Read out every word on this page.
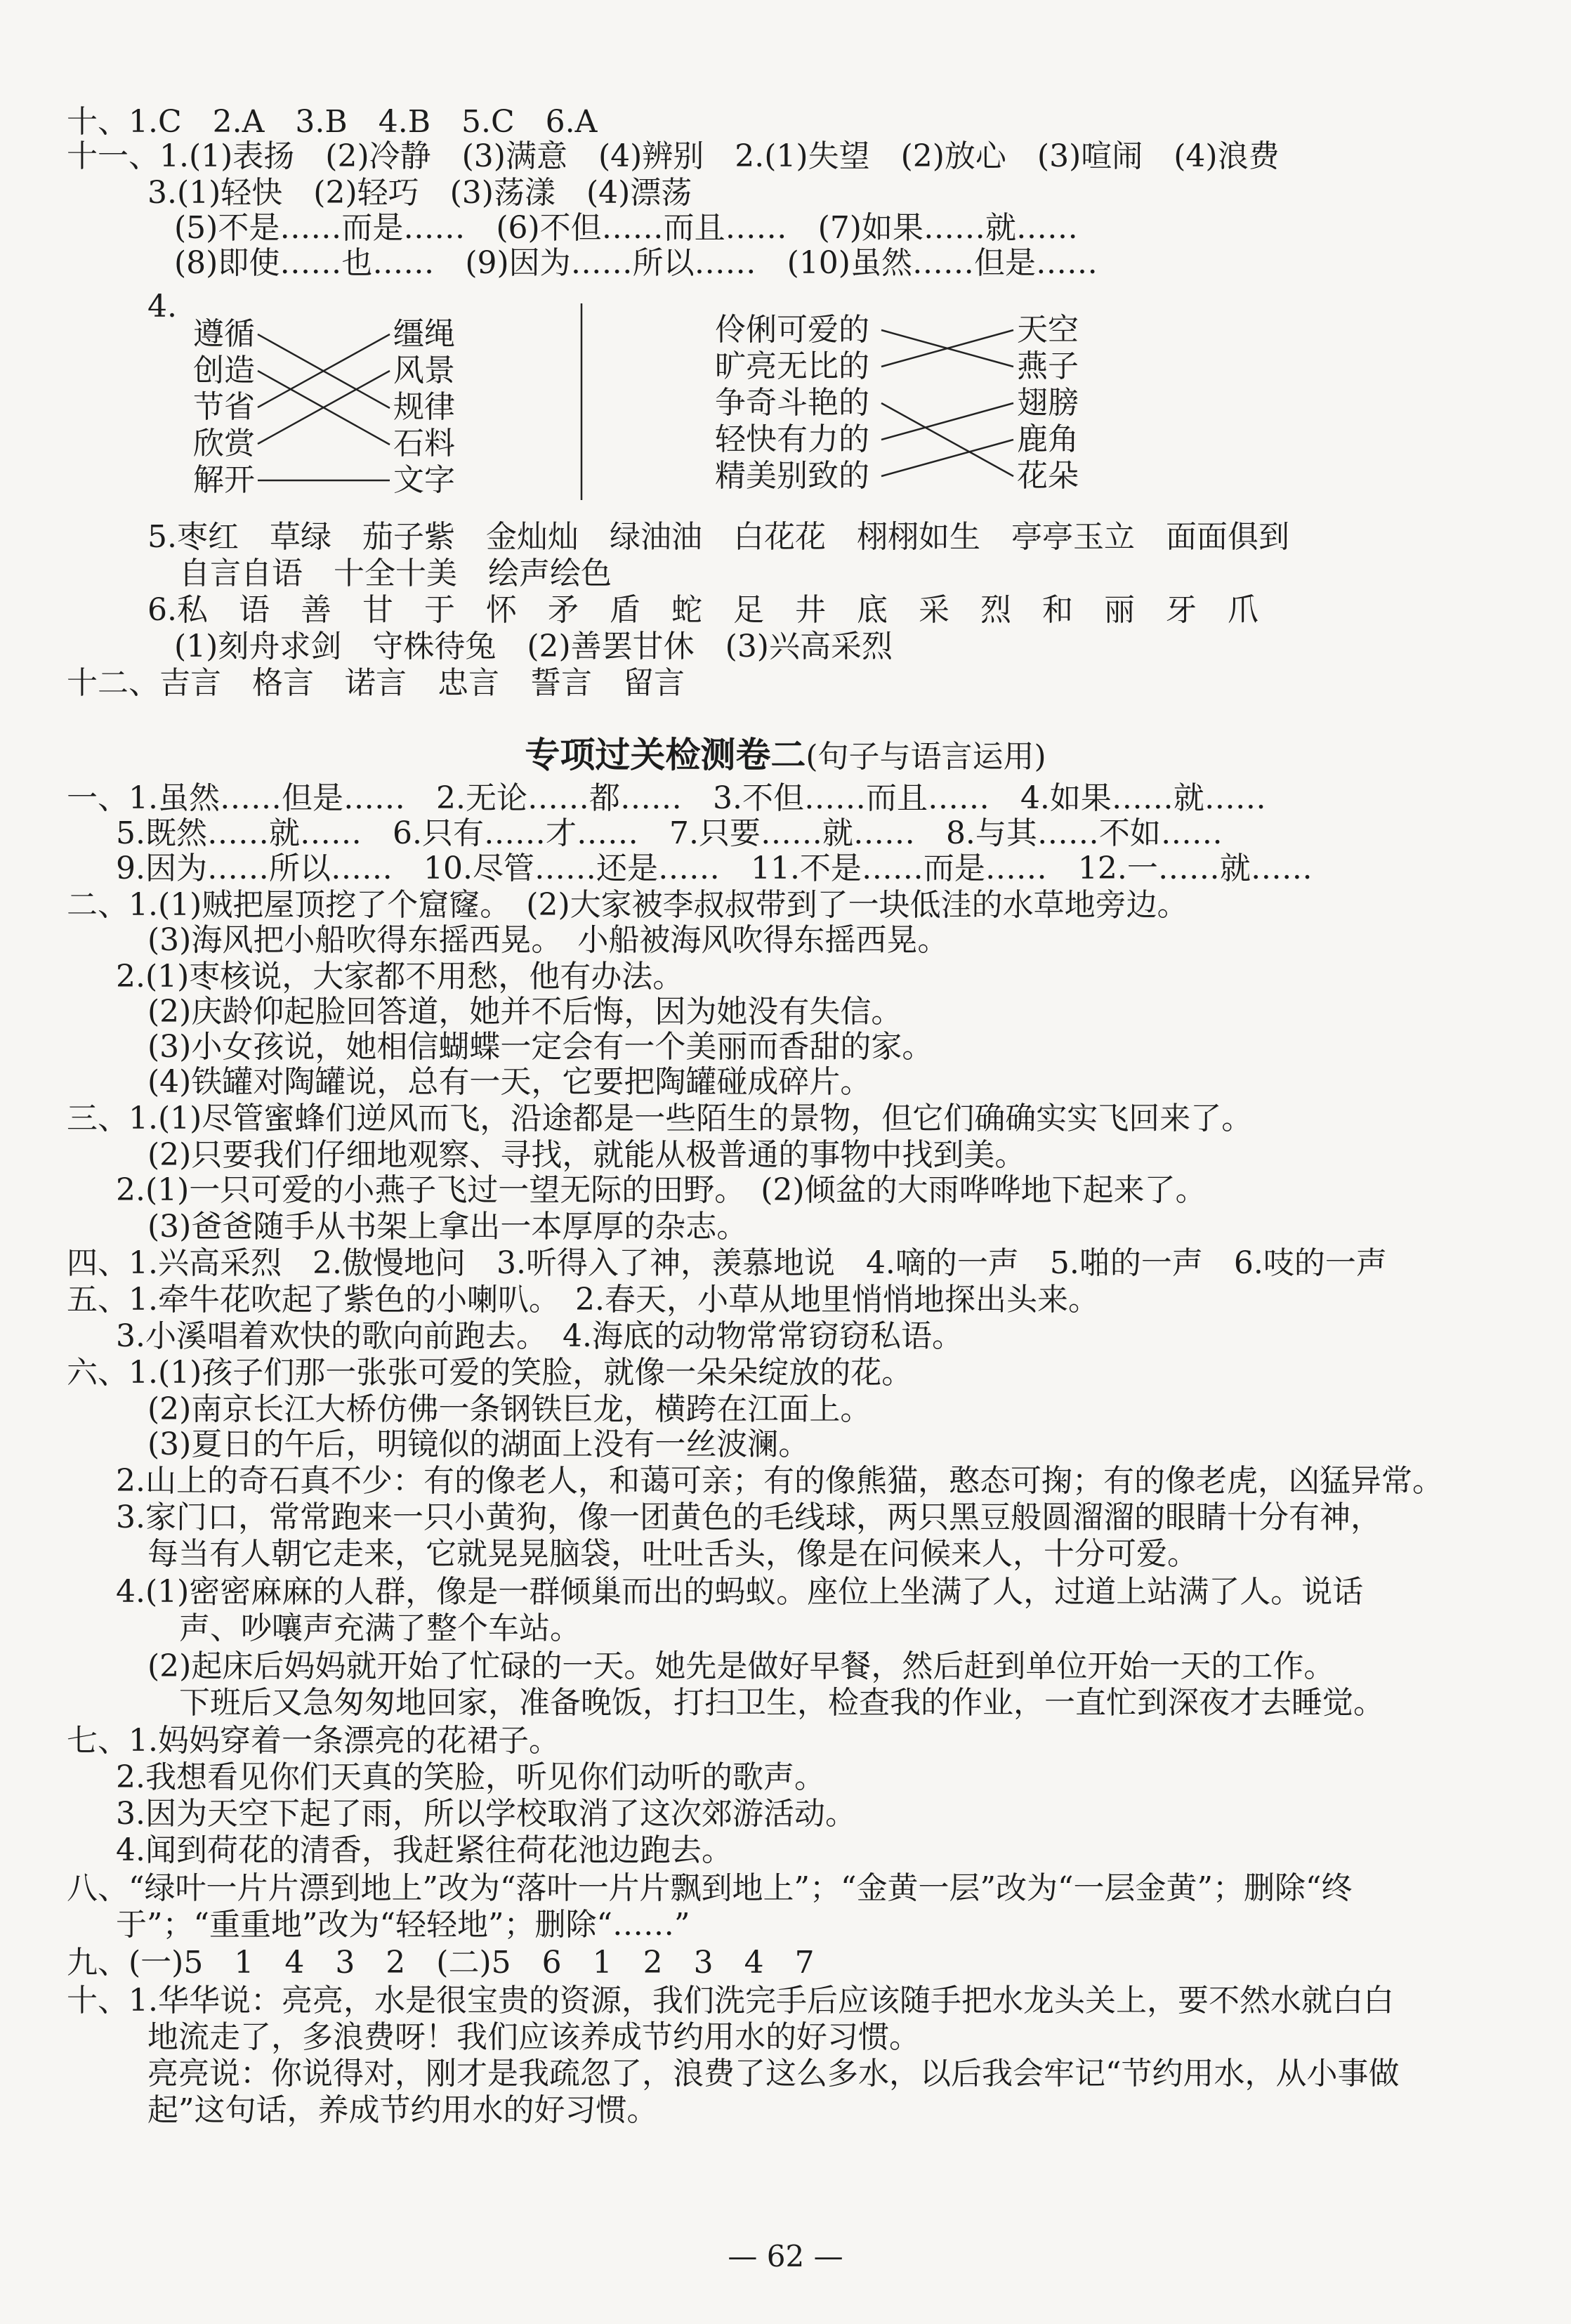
十、1.C　2.A　3.B　4.B　5.C　6.A
十一、1.(1)表扬　(2)冷静　(3)满意　(4)辨别　2.(1)失望　(2)放心　(3)喧闹　(4)浪费
3.(1)轻快　(2)轻巧　(3)荡漾　(4)漂荡
(5)不是……而是……　(6)不但……而且……　(7)如果……就……
(8)即使……也……　(9)因为……所以……　(10)虽然……但是……
4.
遵循
创造
节省
欣赏
解开
缰绳
风景
规律
石料
文字
伶俐可爱的
旷亮无比的
争奇斗艳的
轻快有力的
精美别致的
天空
燕子
翅膀
鹿角
花朵
5.枣红　草绿　茄子紫　金灿灿　绿油油　白花花　栩栩如生　亭亭玉立　面面俱到
自言自语　十全十美　绘声绘色
6.私　语　善　甘　于　怀　矛　盾　蛇　足　井　底　采　烈　和　丽　牙　爪
(1)刻舟求剑　守株待兔　(2)善罢甘休　(3)兴高采烈
十二、吉言　格言　诺言　忠言　誓言　留言
专项过关检测卷二(句子与语言运用)
一、1.虽然……但是……　2.无论……都……　3.不但……而且……　4.如果……就……
5.既然……就……　6.只有……才……　7.只要……就……　8.与其……不如……
9.因为……所以……　10.尽管……还是……　11.不是……而是……　12.一……就……
二、1.(1)贼把屋顶挖了个窟窿。　(2)大家被李叔叔带到了一块低洼的水草地旁边。
(3)海风把小船吹得东摇西晃。　小船被海风吹得东摇西晃。
2.(1)枣核说，大家都不用愁，他有办法。
(2)庆龄仰起脸回答道，她并不后悔，因为她没有失信。
(3)小女孩说，她相信蝴蝶一定会有一个美丽而香甜的家。
(4)铁罐对陶罐说，总有一天，它要把陶罐碰成碎片。
三、1.(1)尽管蜜蜂们逆风而飞，沿途都是一些陌生的景物，但它们确确实实飞回来了。
(2)只要我们仔细地观察、寻找，就能从极普通的事物中找到美。
2.(1)一只可爱的小燕子飞过一望无际的田野。　(2)倾盆的大雨哗哗地下起来了。
(3)爸爸随手从书架上拿出一本厚厚的杂志。
四、1.兴高采烈　2.傲慢地问　3.听得入了神，羡慕地说　4.嘀的一声　5.啪的一声　6.吱的一声
五、1.牵牛花吹起了紫色的小喇叭。　2.春天，小草从地里悄悄地探出头来。
3.小溪唱着欢快的歌向前跑去。　4.海底的动物常常窃窃私语。
六、1.(1)孩子们那一张张可爱的笑脸，就像一朵朵绽放的花。
(2)南京长江大桥仿佛一条钢铁巨龙，横跨在江面上。
(3)夏日的午后，明镜似的湖面上没有一丝波澜。
2.山上的奇石真不少：有的像老人，和蔼可亲；有的像熊猫，憨态可掬；有的像老虎，凶猛异常。
3.家门口，常常跑来一只小黄狗，像一团黄色的毛线球，两只黑豆般圆溜溜的眼睛十分有神，
每当有人朝它走来，它就晃晃脑袋，吐吐舌头，像是在问候来人，十分可爱。
4.(1)密密麻麻的人群，像是一群倾巢而出的蚂蚁。座位上坐满了人，过道上站满了人。说话
声、吵嚷声充满了整个车站。
(2)起床后妈妈就开始了忙碌的一天。她先是做好早餐，然后赶到单位开始一天的工作。
下班后又急匆匆地回家，准备晚饭，打扫卫生，检查我的作业，一直忙到深夜才去睡觉。
七、1.妈妈穿着一条漂亮的花裙子。
2.我想看见你们天真的笑脸，听见你们动听的歌声。
3.因为天空下起了雨，所以学校取消了这次郊游活动。
4.闻到荷花的清香，我赶紧往荷花池边跑去。
八、“绿叶一片片漂到地上”改为“落叶一片片飘到地上”；“金黄一层”改为“一层金黄”；删除“终
于”；“重重地”改为“轻轻地”；删除“……”
九、(一)5　1　4　3　2　(二)5　6　1　2　3　4　7
十、1.华华说：亮亮，水是很宝贵的资源，我们洗完手后应该随手把水龙头关上，要不然水就白白
地流走了，多浪费呀！我们应该养成节约用水的好习惯。
亮亮说：你说得对，刚才是我疏忽了，浪费了这么多水，以后我会牢记“节约用水，从小事做
起”这句话，养成节约用水的好习惯。
— 62 —
